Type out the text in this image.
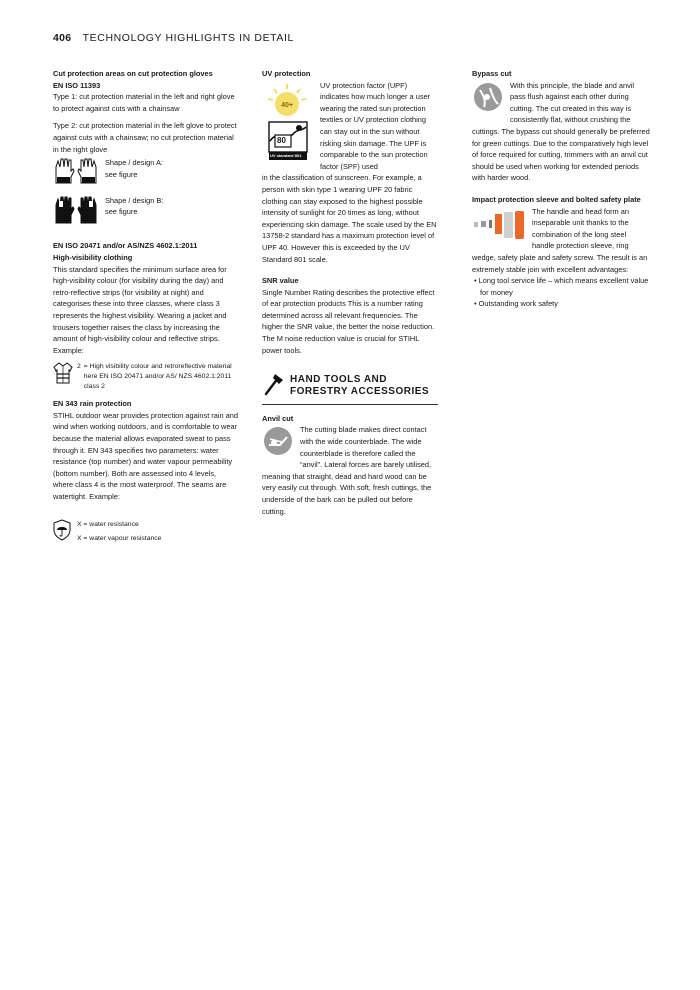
406 TECHNOLOGY HIGHLIGHTS IN DETAIL

Cut protection areas on cut protection gloves

EN ISO 11393

Type 1: cut protection material in the left and right glove to protect against cuts with a chainsaw

Type 2: cut protection material in the left glove to protect against cuts with a chainsaw; no cut protection material in the right glove

Shape / design A:

see figure

Shape / design B:

see figure

EN ISO 20471 and/or AS/NZS 4602.1:2011

High-visibility clothing

This standard specifies the minimum surface area for high-visibility colour (for visibility during the day) and retro-reflective strips (for visibility at night) and categorises these into three classes, where class 3 represents the highest visibility. Wearing a jacket and trousers together raises the class by increasing the amount of high-visibility colour and reflective strips. Example:

2 = High visibility colour and retroreflective material here EN ISO 20471 and/or AS/ NZS 4602.1:2011 class 2

EN 343 rain protection

STIHL outdoor wear provides protection against rain and wind when working outdoors, and is comfortable to wear because the material allows evaporated sweat to pass through it. EN 343 specifies two parameters: water resistance (top number) and water vapour permeability (bottom number). Both are assessed into 4 levels, where class 4 is the most waterproof. The seams are watertight. Example:

X = water resistance

X = water vapour resistance

UV protection

40+
80
UV standard 801

UV protection factor (UPF) indicates how much longer a user wearing the rated sun protection textiles or UV protection clothing can stay out in the sun without risking skin damage. The UPF is comparable to the sun protection factor (SPF) used

in the classification of sunscreen. For example, a person with skin type 1 wearing UPF 20 fabric clothing can stay exposed to the highest possible intensity of sunlight for 20 times as long, without experiencing skin damage. The scale used by the EN 13758-2 standard has a maximum protection level of UPF 40. However this is exceeded by the UV Standard 801 scale.

SNR value

Single Number Rating describes the protective effect of ear protection products This is a number rating determined across all relevant frequencies. The higher the SNR value, the better the noise reduction. The M noise reduction value is crucial for STIHL power tools.

HAND TOOLS AND
FORESTRY ACCESSORIES

Anvil cut

The cutting blade makes direct contact with the wide counterblade. The wide counterblade is therefore called the “anvil”. Lateral forces are barely utilised, meaning that straight, dead and hard wood can be very easily cut through. With soft, fresh cuttings, the underside of the bark can be pulled out before cutting.

Bypass cut

With this principle, the blade and anvil pass flush against each other during cutting. The cut created in this way is consistently flat, without crushing the cuttings. The bypass cut should generally be preferred for green cuttings. Due to the comparatively high level of force required for cutting, trimmers with an anvil cut should be used when working for extended periods with harder wood.

Impact protection sleeve and bolted safety plate

The handle and head form an inseparable unit thanks to the combination of the long steel handle protection sleeve, ring wedge, safety plate and safety screw. The result is an extremely stable join with excellent advantages:

• Long tool service life – which means excellent value for money
• Outstanding work safety
